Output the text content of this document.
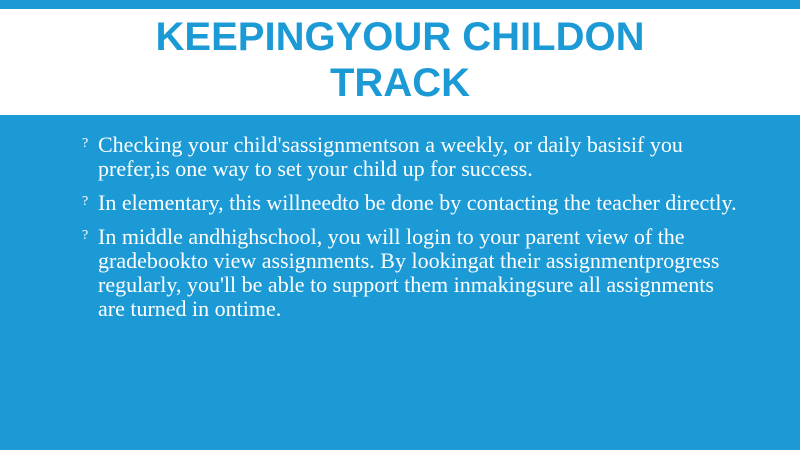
KEEPINGYOUR CHILDON
TRACK
? Checking your child'sassignmentson a weekly, or daily basisif you prefer,is one way to set your child up for success.
? In elementary, this willneedto be done by contacting the teacher directly.
? In middle andhighschool, you will login to your parent view of the gradebookto view assignments. By lookingat their assignmentprogress regularly, you'll be able to support them inmakingsure all assignments are turned in ontime.
